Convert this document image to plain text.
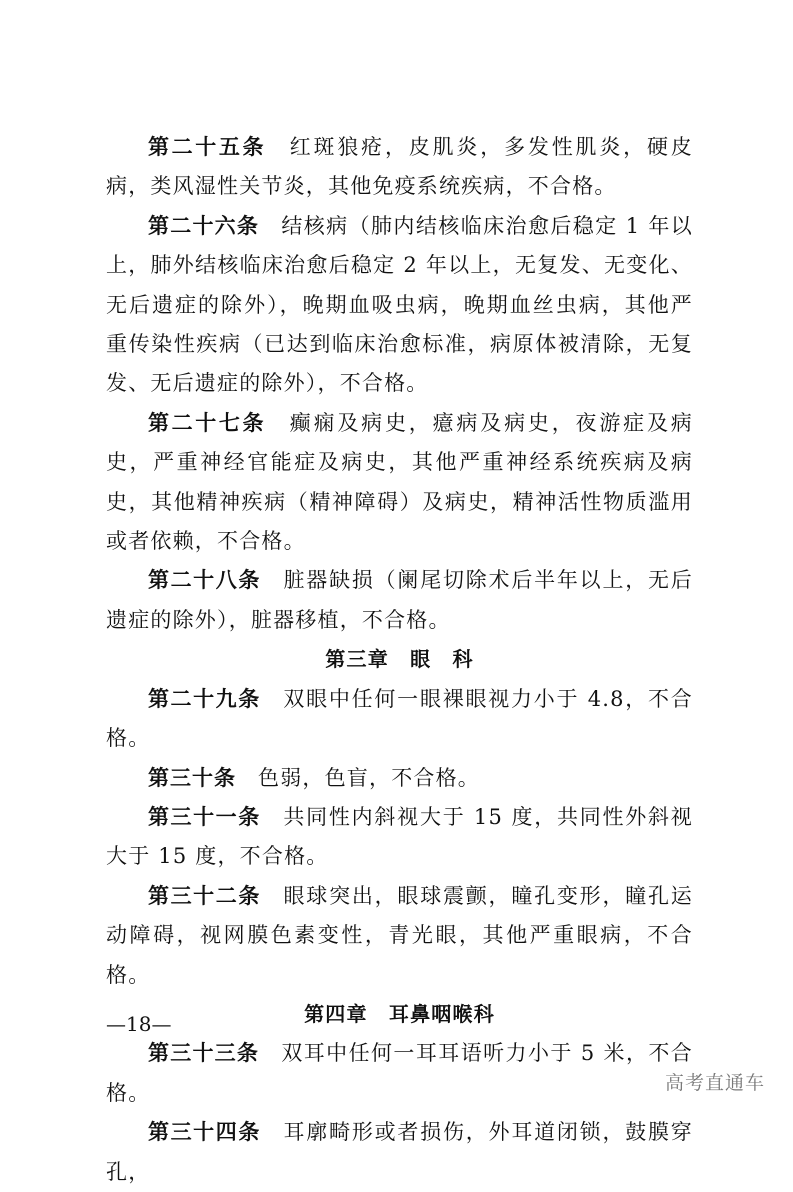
第二十五条 红斑狼疮，皮肌炎，多发性肌炎，硬皮病，类风湿性关节炎，其他免疫系统疾病，不合格。

第二十六条 结核病（肺内结核临床治愈后稳定 1 年以上，肺外结核临床治愈后稳定 2 年以上，无复发、无变化、无后遗症的除外），晚期血吸虫病，晚期血丝虫病，其他严重传染性疾病（已达到临床治愈标准，病原体被清除，无复发、无后遗症的除外），不合格。

第二十七条 癫痫及病史，癔病及病史，夜游症及病史，严重神经官能症及病史，其他严重神经系统疾病及病史，其他精神疾病（精神障碍）及病史，精神活性物质滥用或者依赖，不合格。

第二十八条 脏器缺损（阑尾切除术后半年以上，无后遗症的除外），脏器移植，不合格。

第三章　眼　科

第二十九条 双眼中任何一眼裸眼视力小于 4.8，不合格。

第三十条 色弱，色盲，不合格。

第三十一条 共同性内斜视大于 15 度，共同性外斜视大于 15 度，不合格。

第三十二条 眼球突出，眼球震颤，瞳孔变形，瞳孔运动障碍，视网膜色素变性，青光眼，其他严重眼病，不合格。

第四章　耳鼻咽喉科

第三十三条 双耳中任何一耳耳语听力小于 5 米，不合格。

第三十四条 耳廓畸形或者损伤，外耳道闭锁，鼓膜穿孔，

—18—
高考直通车
